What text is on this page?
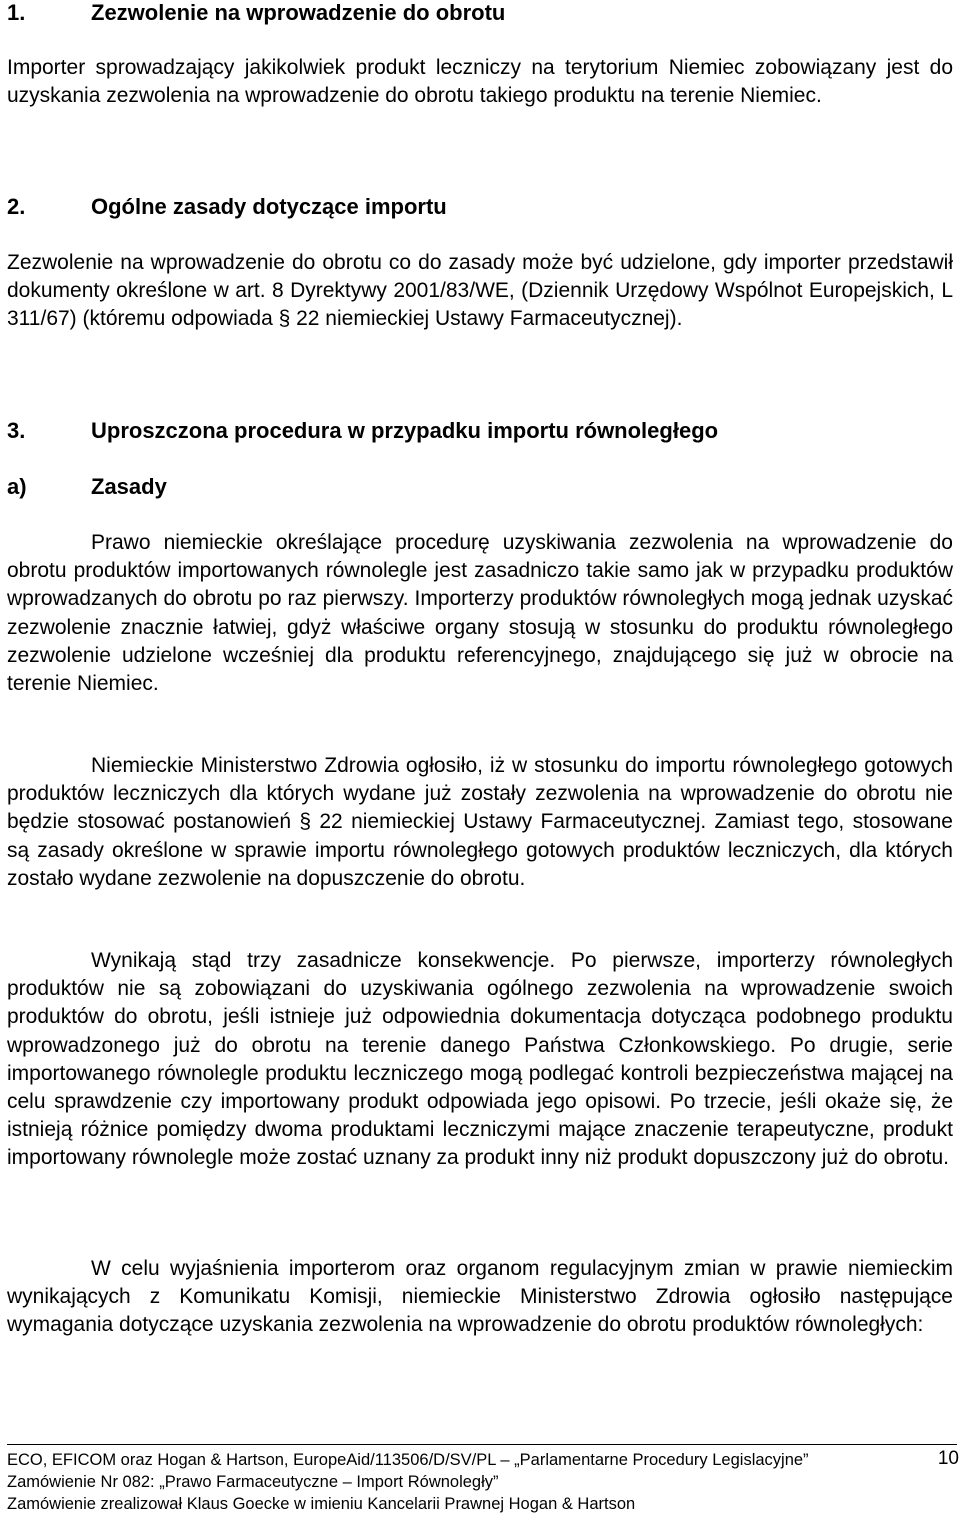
1.	Zezwolenie na wprowadzenie do obrotu
Importer sprowadzający jakikolwiek produkt leczniczy na terytorium Niemiec zobowiązany jest do uzyskania zezwolenia na wprowadzenie do obrotu takiego produktu na terenie Niemiec.
2.	Ogólne zasady dotyczące importu
Zezwolenie na wprowadzenie do obrotu co do zasady może być udzielone, gdy importer przedstawił dokumenty określone w art. 8 Dyrektywy 2001/83/WE, (Dziennik Urzędowy Wspólnot Europejskich, L 311/67) (któremu odpowiada § 22 niemieckiej Ustawy Farmaceutycznej).
3.	Uproszczona procedura w przypadku importu równoległego
a)	Zasady
Prawo niemieckie określające procedurę uzyskiwania zezwolenia na wprowadzenie do obrotu produktów importowanych równolegle jest zasadniczo takie samo jak w przypadku produktów wprowadzanych do obrotu po raz pierwszy. Importerzy produktów równoległych mogą jednak uzyskać zezwolenie znacznie łatwiej, gdyż właściwe organy stosują w stosunku do produktu równoległego zezwolenie udzielone wcześniej dla produktu referencyjnego, znajdującego się już w obrocie na terenie Niemiec.
Niemieckie Ministerstwo Zdrowia ogłosiło, iż w stosunku do importu równoległego gotowych produktów leczniczych dla których wydane już zostały zezwolenia na wprowadzenie do obrotu nie będzie stosować postanowień § 22 niemieckiej Ustawy Farmaceutycznej. Zamiast tego, stosowane są zasady określone w sprawie importu równoległego gotowych produktów leczniczych, dla których zostało wydane zezwolenie na dopuszczenie do obrotu.
Wynikają stąd trzy zasadnicze konsekwencje. Po pierwsze, importerzy równoległych produktów nie są zobowiązani do uzyskiwania ogólnego zezwolenia na wprowadzenie swoich produktów do obrotu, jeśli istnieje już odpowiednia dokumentacja dotycząca podobnego produktu wprowadzonego już do obrotu na terenie danego Państwa Członkowskiego. Po drugie, serie importowanego równolegle produktu leczniczego mogą podlegać kontroli bezpieczeństwa mającej na celu sprawdzenie czy importowany produkt odpowiada jego opisowi. Po trzecie, jeśli okaże się, że istnieją różnice pomiędzy dwoma produktami leczniczymi mające znaczenie terapeutyczne, produkt importowany równolegle może zostać uznany za produkt inny niż produkt dopuszczony już do obrotu.
W celu wyjaśnienia importerom oraz organom regulacyjnym zmian w prawie niemieckim wynikających z Komunikatu Komisji, niemieckie Ministerstwo Zdrowia ogłosiło następujące wymagania dotyczące uzyskania zezwolenia na wprowadzenie do obrotu produktów równoległych:
ECO, EFICOM oraz Hogan & Hartson, EuropeAid/113506/D/SV/PL – „Parlamentarne Procedury Legislacyjne”	10
Zamówienie Nr 082: „Prawo Farmaceutyczne – Import Równoległy”
Zamówienie zrealizował Klaus Goecke w imieniu Kancelarii Prawnej Hogan & Hartson
